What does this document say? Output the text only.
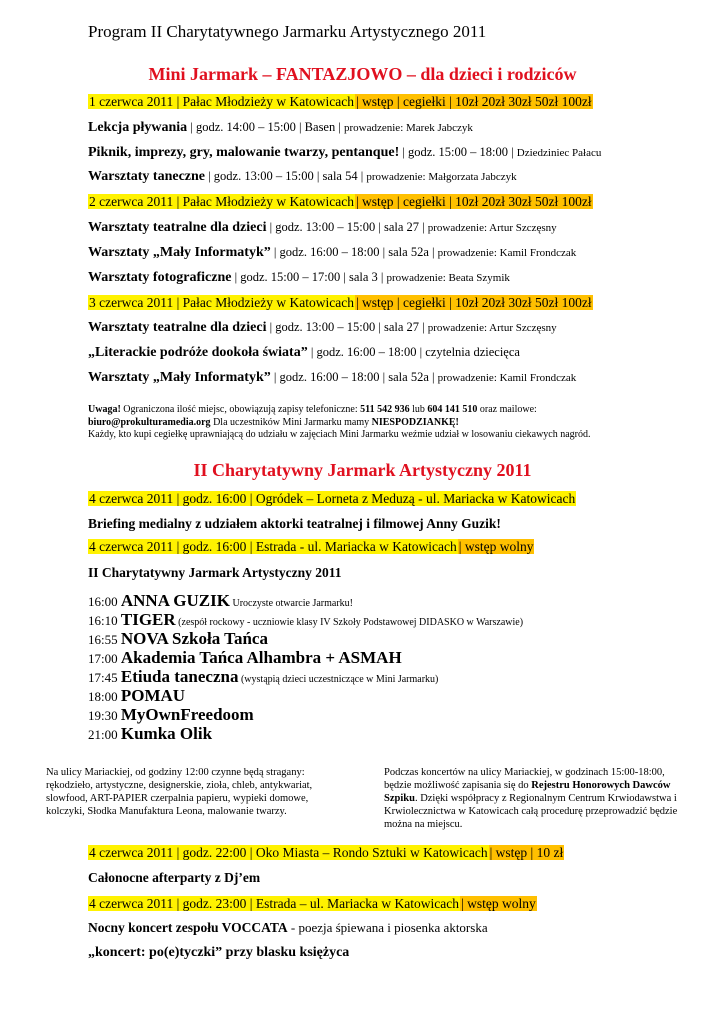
Program II Charytatywnego Jarmarku Artystycznego 2011
Mini Jarmark – FANTAZJOWO – dla dzieci i rodziców
1 czerwca 2011 | Pałac Młodzieży w Katowicach | wstęp | cegiełki | 10zł 20zł 30zł 50zł 100zł
Lekcja pływania | godz. 14:00 – 15:00 | Basen | prowadzenie: Marek Jabczyk
Piknik, imprezy, gry, malowanie twarzy, pentanque! | godz. 15:00 – 18:00 | Dziedziniec Pałacu
Warsztaty taneczne | godz. 13:00 – 15:00 | sala 54 | prowadzenie: Małgorzata Jabczyk
2 czerwca 2011 | Pałac Młodzieży w Katowicach | wstęp | cegiełki | 10zł 20zł 30zł 50zł 100zł
Warsztaty teatralne dla dzieci | godz. 13:00 – 15:00 | sala 27 | prowadzenie: Artur Szczęsny
Warsztaty „Mały Informatyk” | godz. 16:00 – 18:00 | sala 52a | prowadzenie: Kamil Frondczak
Warsztaty fotograficzne | godz. 15:00 – 17:00 | sala 3 | prowadzenie: Beata Szymik
3 czerwca 2011 | Pałac Młodzieży w Katowicach | wstęp | cegiełki | 10zł 20zł 30zł 50zł 100zł
Warsztaty teatralne dla dzieci | godz. 13:00 – 15:00 | sala 27 | prowadzenie: Artur Szczęsny
„Literackie podróże dookoła świata” | godz. 16:00 – 18:00 | czytelnia dziecięca
Warsztaty „Mały Informatyk” | godz. 16:00 – 18:00 | sala 52a | prowadzenie: Kamil Frondczak
Uwaga! Ograniczona ilość miejsc, obowiązują zapisy telefoniczne: 511 542 936 lub 604 141 510 oraz mailowe:
biuro@prokulturamedia.org Dla uczestników Mini Jarmarku mamy NIESPODZIANKĘ!
Każdy, kto kupi cegiełkę uprawniającą do udziału w zajęciach Mini Jarmarku weźmie udział w losowaniu ciekawych nagród.
II Charytatywny Jarmark Artystyczny 2011
4 czerwca 2011 | godz. 16:00 | Ogródek – Lorneta z Meduzą - ul. Mariacka w Katowicach
Briefing medialny z udziałem aktorki teatralnej i filmowej Anny Guzik!
4 czerwca 2011 | godz. 16:00 | Estrada - ul. Mariacka w Katowicach | wstęp wolny
II Charytatywny Jarmark Artystyczny 2011
16:00 ANNA GUZIK Uroczyste otwarcie Jarmarku!
16:10 TIGER (zespół rockowy - uczniowie klasy IV Szkoły Podstawowej DIDASKO w Warszawie)
16:55 NOVA Szkoła Tańca
17:00 Akademia Tańca Alhambra + ASMAH
17:45 Etiuda taneczna (wystąpią dzieci uczestniczące w Mini Jarmarku)
18:00 POMAU
19:30 MyOwnFreedoom
21:00 Kumka Olik
Na ulicy Mariackiej, od godziny 12:00 czynne będą stragany: rękodzieło, artystyczne, designerskie, zioła, chleb, antykwariat, slowfood, ART-PAPIER czerpalnia papieru, wypieki domowe, kolczyki, Słodka Manufaktura Leona, malowanie twarzy.
Podczas koncertów na ulicy Mariackiej, w godzinach 15:00-18:00, będzie możliwość zapisania się do Rejestru Honorowych Dawców Szpiku. Dzięki współpracy z Regionalnym Centrum Krwiodawstwa i Krwiolecznictwa w Katowicach całą procedurę przeprowadzić będzie można na miejscu.
4 czerwca 2011 | godz. 22:00 | Oko Miasta – Rondo Sztuki w Katowicach | wstęp | 10 zł
Całonocne afterparty z Dj’em
4 czerwca 2011 | godz. 23:00 | Estrada – ul. Mariacka w Katowicach | wstęp wolny
Nocny koncert zespołu VOCCATA - poezja śpiewana i piosenka aktorska
„koncert: po(e)tyczki” przy blasku księżyca
